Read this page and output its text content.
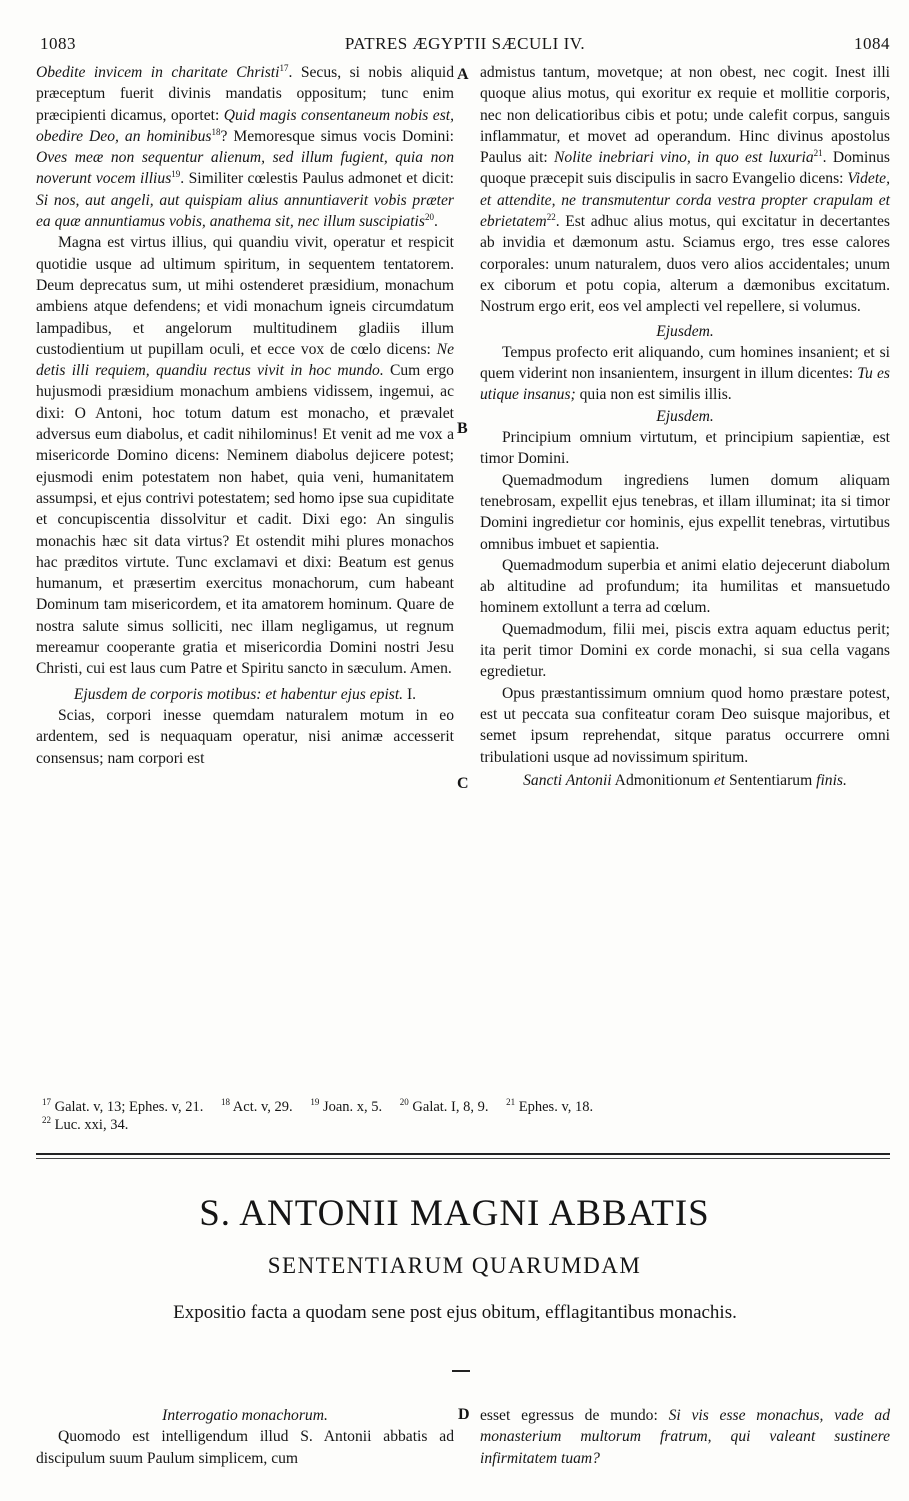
1083	PATRES ÆGYPTII SÆCULI IV.	1084

Obedite invicem in charitate Christi$^{17}$. Secus, si nobis aliquid præceptum fuerit divinis mandatis oppositum; tunc enim præcipienti dicamus, oportet: Quid magis consentaneum nobis est, obedire Deo, an hominibus$^{18}$? Memoresque simus vocis Domini: Oves meæ non sequentur alienum, sed illum fugient, quia non noverunt vocem illius$^{19}$. Similiter cœlestis Paulus admonet et dicit: Si nos, aut angeli, aut quispiam alius annuntiaverit vobis præter ea quæ annuntiamus vobis, anathema sit, nec illum suscipiatis$^{20}$.

Magna est virtus illius, qui quandiu vivit, operatur et respicit quotidie usque ad ultimum spiritum, in sequentem tentatorem. Deum deprecatus sum, ut mihi ostenderet præsidium, monachum ambiens atque defendens; et vidi monachum igneis circumdatum lampadibus, et angelorum multitudinem gladiis illum custodientium ut pupillam oculi, et ecce vox de cœlo dicens: Ne detis illi requiem, quandiu rectus vivit in hoc mundo. Cum ergo hujusmodi præsidium monachum ambiens vidissem, ingemui, ac dixi: O Antoni, hoc totum datum est monacho, et prævalet adversus eum diabolus, et cadit nihilominus! Et venit ad me vox a misericorde Domino dicens: Neminem diabolus dejicere potest; ejusmodi enim potestatem non habet, quia veni, humanitatem assumpsi, et ejus contrivi potestatem; sed homo ipse sua cupiditate et concupiscentia dissolvitur et cadit. Dixi ego: An singulis monachis hæc sit data virtus? Et ostendit mihi plures monachos hac præditos virtute. Tunc exclamavi et dixi: Beatum est genus humanum, et præsertim exercitus monachorum, cum habeant Dominum tam misericordem, et ita amatorem hominum. Quare de nostra salute simus solliciti, nec illam negligamus, ut regnum mereamur cooperante gratia et misericordia Domini nostri Jesu Christi, cui est laus cum Patre et Spiritu sancto in sæculum. Amen.

Ejusdem de corporis motibus: et habentur ejus epist. I.

Scias, corpori inesse quemdam naturalem motum in eo ardentem, sed is nequaquam operatur, nisi animæ accesserit consensus; nam corpori est

A
B
C
D

admistus tantum, movetque; at non obest, nec cogit. Inest illi quoque alius motus, qui exoritur ex requie et mollitie corporis, nec non delicatioribus cibis et potu; unde calefit corpus, sanguis inflammatur, et movet ad operandum. Hinc divinus apostolus Paulus ait: Nolite inebriari vino, in quo est luxuria$^{21}$. Dominus quoque præcepit suis discipulis in sacro Evangelio dicens: Videte, et attendite, ne transmutentur corda vestra propter crapulam et ebrietatem$^{22}$. Est adhuc alius motus, qui excitatur in decertantes ab invidia et dæmonum astu. Sciamus ergo, tres esse calores corporales: unum naturalem, duos vero alios accidentales; unum ex ciborum et potu copia, alterum a dæmonibus excitatum. Nostrum ergo erit, eos vel amplecti vel repellere, si volumus.

Ejusdem.

Tempus profecto erit aliquando, cum homines insanient; et si quem viderint non insanientem, insurgent in illum dicentes: Tu es utique insanus; quia non est similis illis.

Ejusdem.

Principium omnium virtutum, et principium sapientiæ, est timor Domini.

Quemadmodum ingrediens lumen domum aliquam tenebrosam, expellit ejus tenebras, et illam illuminat; ita si timor Domini ingredietur cor hominis, ejus expellit tenebras, virtutibus omnibus imbuet et sapientia.

Quemadmodum superbia et animi elatio dejecerunt diabolum ab altitudine ad profundum; ita humilitas et mansuetudo hominem extollunt a terra ad cœlum.

Quemadmodum, filii mei, piscis extra aquam eductus perit; ita perit timor Domini ex corde monachi, si sua cella vagans egredietur.

Opus præstantissimum omnium quod homo præstare potest, est ut peccata sua confiteatur coram Deo suisque majoribus, et semet ipsum reprehendat, sitque paratus occurrere omni tribulationi usque ad novissimum spiritum.

Sancti Antonii Admonitionum et Sententiarum finis.

$^{17}$ Galat. v, 13; Ephes. v, 21. $^{18}$ Act. v, 29. $^{19}$ Joan. x, 5. $^{20}$ Galat. I, 8, 9. $^{21}$ Ephes. v, 18.
$^{22}$ Luc. xxi, 34.
S. ANTONII MAGNI ABBATIS
SENTENTIARUM QUARUMDAM
Expositio facta a quodam sene post ejus obitum, efflagitantibus monachis.

Interrogatio monachorum.

Quomodo est intelligendum illud S. Antonii abbatis ad discipulum suum Paulum simplicem, cum

esset egressus de mundo: Si vis esse monachus, vade ad monasterium multorum fratrum, qui valeant sustinere infirmitatem tuam?
